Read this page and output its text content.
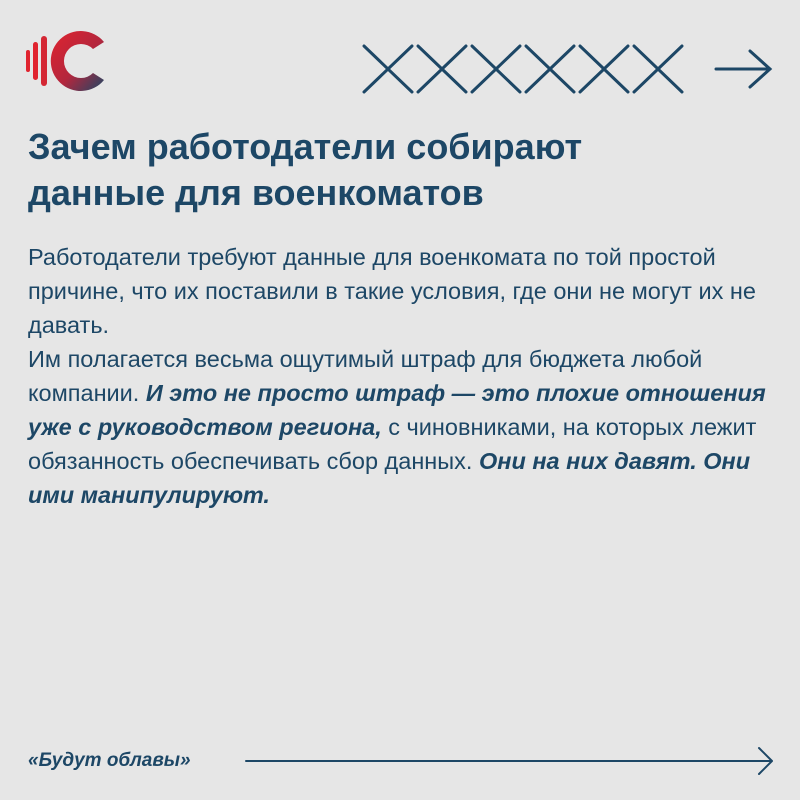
Зачем работодатели собирают
данные для военкоматов
Работодатели требуют данные для военкомата по той простой причине, что их поставили в такие условия, где они не могут их не давать.
Им полагается весьма ощутимый штраф для бюджета любой компании. И это не просто штраф — это плохие отношения уже с руководством региона, с чиновниками, на которых лежит обязанность обеспечивать сбор данных. Они на них давят. Они ими манипулируют.
«Будут облавы»
